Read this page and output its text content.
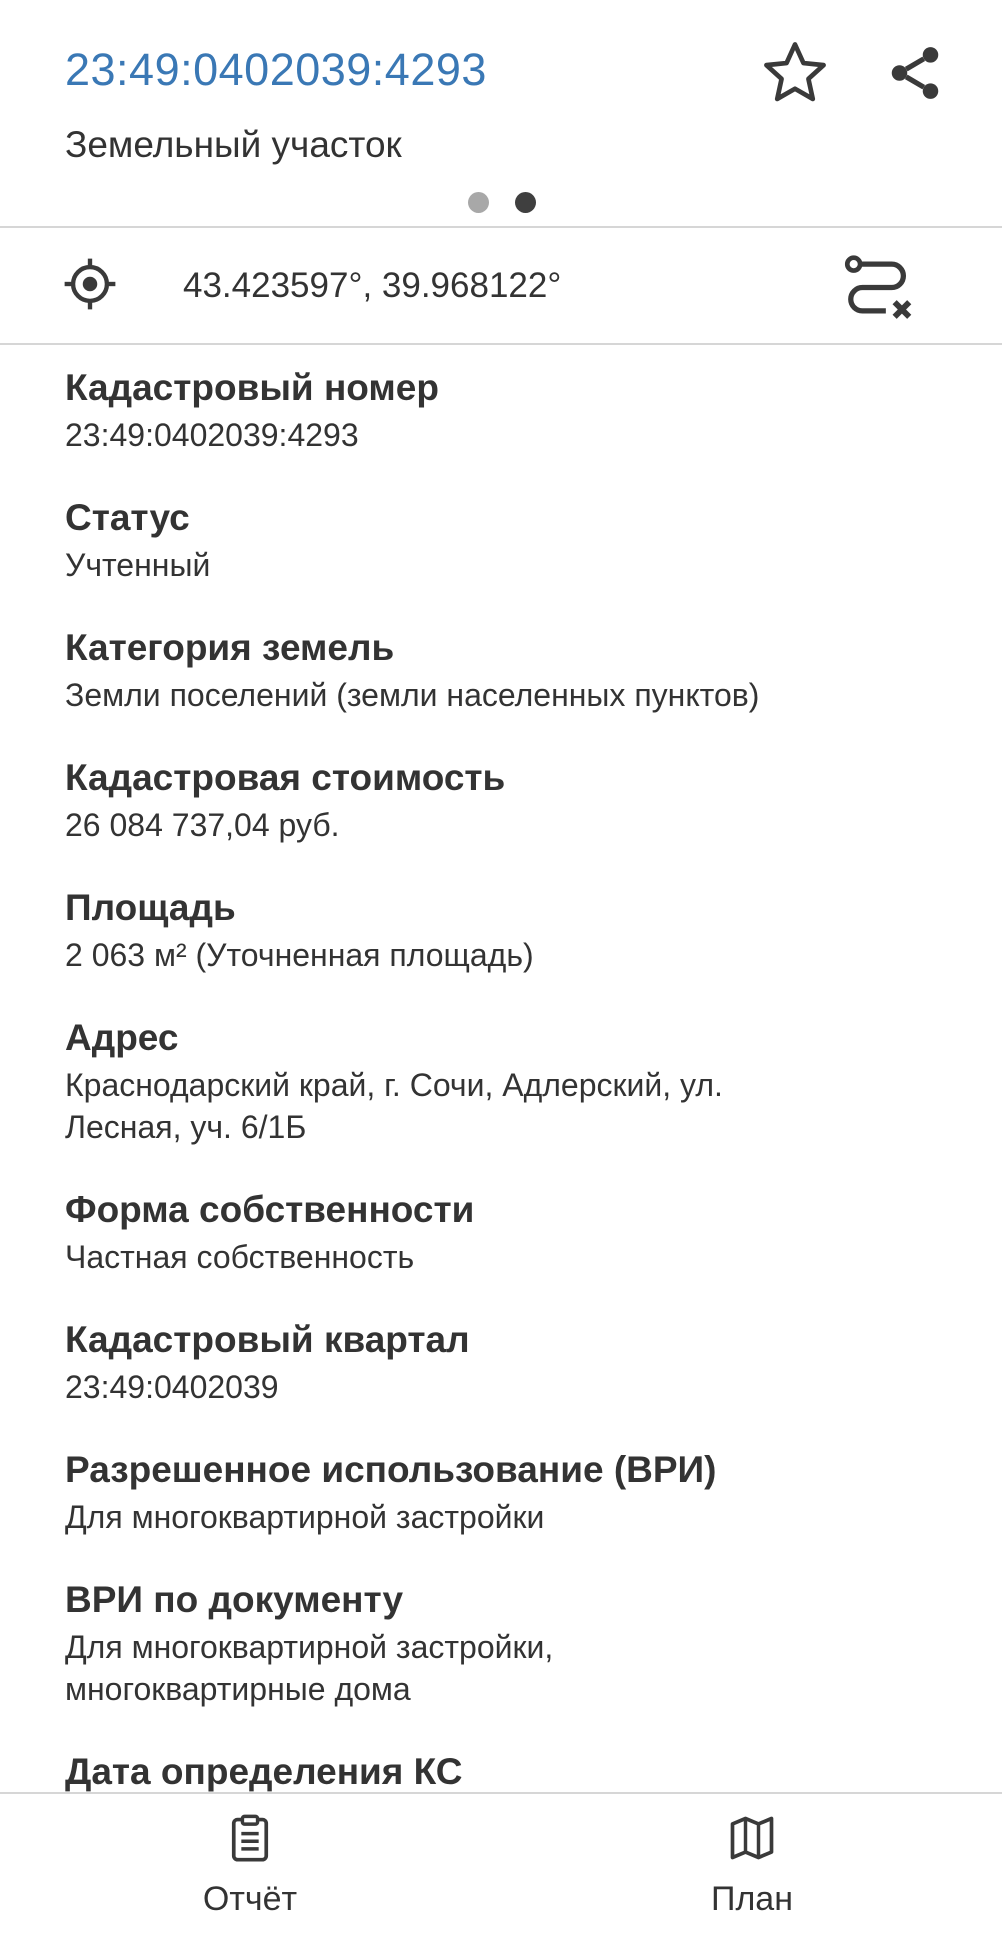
23:49:0402039:4293
Земельный участок
43.423597°, 39.968122°
Кадастровый номер
23:49:0402039:4293
Статус
Учтенный
Категория земель
Земли поселений (земли населенных пунктов)
Кадастровая стоимость
26 084 737,04 руб.
Площадь
2 063 м² (Уточненная площадь)
Адрес
Краснодарский край, г. Сочи, Адлерский, ул.
Лесная, уч. 6/1Б
Форма собственности
Частная собственность
Кадастровый квартал
23:49:0402039
Разрешенное использование (ВРИ)
Для многоквартирной застройки
ВРИ по документу
Для многоквартирной застройки,
многоквартирные дома
Дата определения КС
Отчёт	План
